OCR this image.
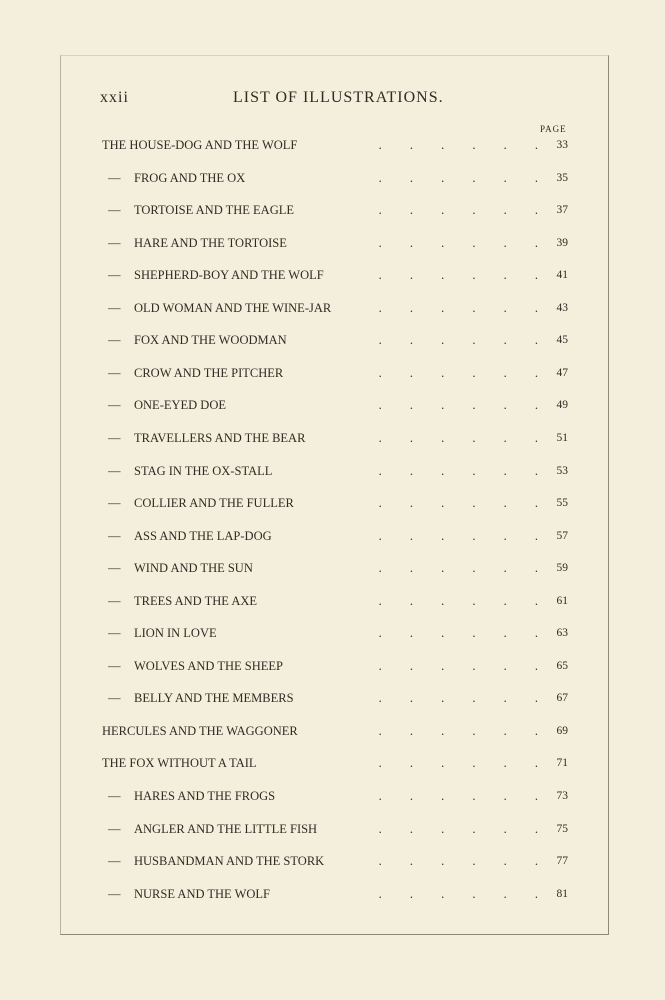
xxii	LIST OF ILLUSTRATIONS.
PAGE
THE HOUSE-DOG AND THE WOLF	.         .         .         .         .         . 33
— FROG AND THE OX	.         .         .         .         .         . 35
— TORTOISE AND THE EAGLE	.         .         .         .         .         . 37
— HARE AND THE TORTOISE	.         .         .         .         .         . 39
— SHEPHERD-BOY AND THE WOLF	.         .         .         .         .         . 41
— OLD WOMAN AND THE WINE-JAR	.         .         .         .         .         . 43
— FOX AND THE WOODMAN	.         .         .         .         .         . 45
— CROW AND THE PITCHER	.         .         .         .         .         . 47
— ONE-EYED DOE	.         .         .         .         .         . 49
— TRAVELLERS AND THE BEAR	.         .         .         .         .         . 51
— STAG IN THE OX-STALL	.         .         .         .         .         . 53
— COLLIER AND THE FULLER	.         .         .         .         .         . 55
— ASS AND THE LAP-DOG	.         .         .         .         .         . 57
— WIND AND THE SUN	.         .         .         .         .         . 59
— TREES AND THE AXE	.         .         .         .         .         . 61
— LION IN LOVE	.         .         .         .         .         . 63
— WOLVES AND THE SHEEP	.         .         .         .         .         . 65
— BELLY AND THE MEMBERS	.         .         .         .         .         . 67
HERCULES AND THE WAGGONER	.         .         .         .         .         . 69
THE FOX WITHOUT A TAIL	.         .         .         .         .         . 71
— HARES AND THE FROGS	.         .         .         .         .         . 73
— ANGLER AND THE LITTLE FISH	.         .         .         .         .         . 75
— HUSBANDMAN AND THE STORK	.         .         .         .         .         . 77
— NURSE AND THE WOLF	.         .         .         .         .         . 81
